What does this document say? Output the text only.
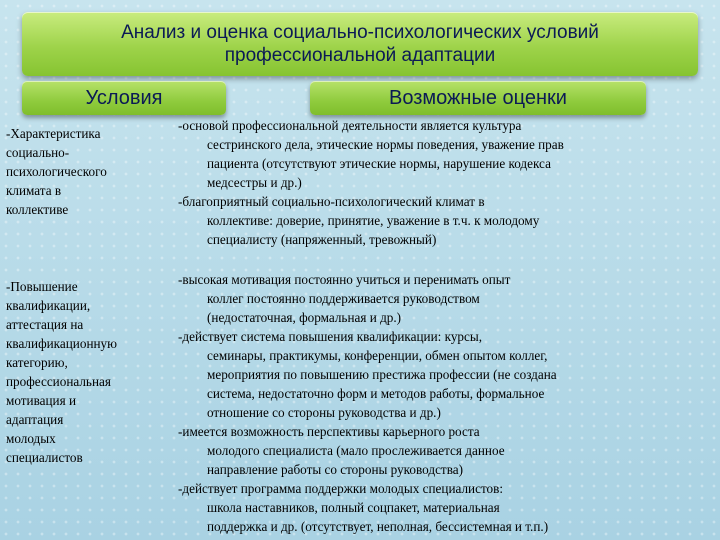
Анализ и оценка социально-психологических условий
профессиональной адаптации
Условия	Возможные оценки
-Характеристика
социально-
психологического
климата в
коллективе
-Повышение
квалификации,
аттестация на
квалификационную
категорию,
профессиональная
мотивация и
адаптация
молодых
специалистов
-основой профессиональной деятельности является культура
сестринского дела, этические нормы поведения, уважение прав
пациента (отсутствуют этические нормы, нарушение кодекса
медсестры и др.)
-благоприятный социально-психологический климат в
коллективе: доверие, принятие, уважение в т.ч. к молодому
специалисту (напряженный, тревожный)
-высокая мотивация постоянно учиться и перенимать опыт
коллег постоянно поддерживается руководством
(недостаточная, формальная и др.)
-действует система повышения квалификации: курсы,
семинары, практикумы, конференции, обмен опытом коллег,
мероприятия по повышению престижа профессии (не создана
система, недостаточно форм и методов работы, формальное
отношение со стороны руководства и др.)
-имеется возможность перспективы карьерного роста
молодого специалиста (мало прослеживается данное
направление работы со стороны руководства)
-действует программа поддержки молодых специалистов:
школа наставников, полный соцпакет, материальная
поддержка и др. (отсутствует, неполная, бессистемная и т.п.)
